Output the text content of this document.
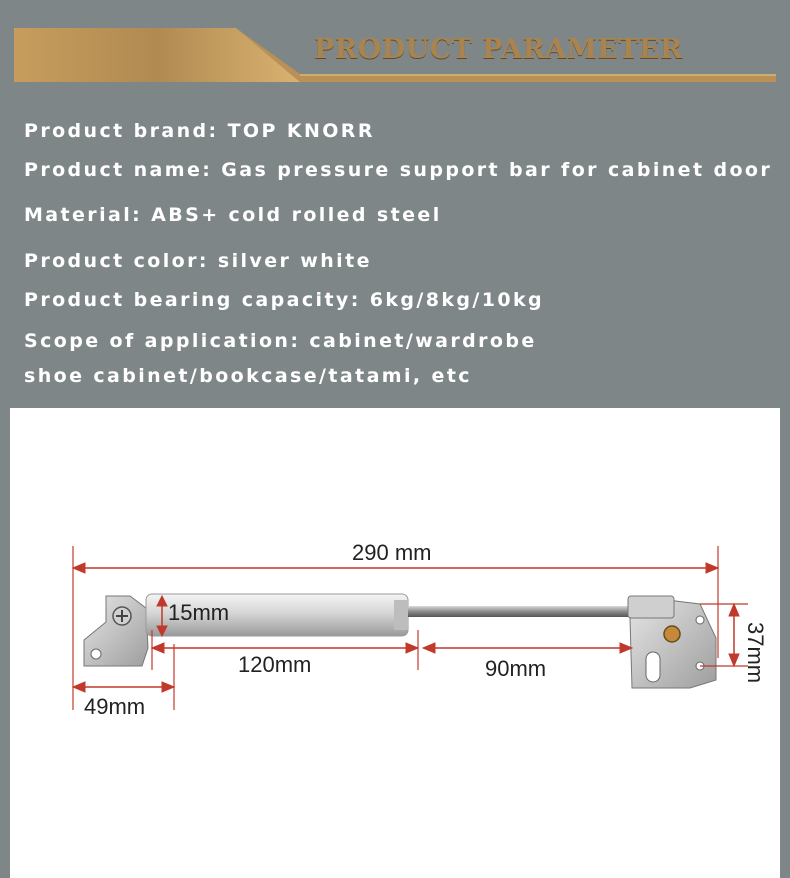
PRODUCT PARAMETER
Product brand: TOP KNORR
Product name: Gas pressure support bar for cabinet door
Material: ABS+ cold rolled steel
Product color: silver white
Product bearing capacity: 6kg/8kg/10kg
Scope of application: cabinet/wardrobe
shoe cabinet/bookcase/tatami, etc
290 mm
15mm
120mm	90mm
49mm
37mm
